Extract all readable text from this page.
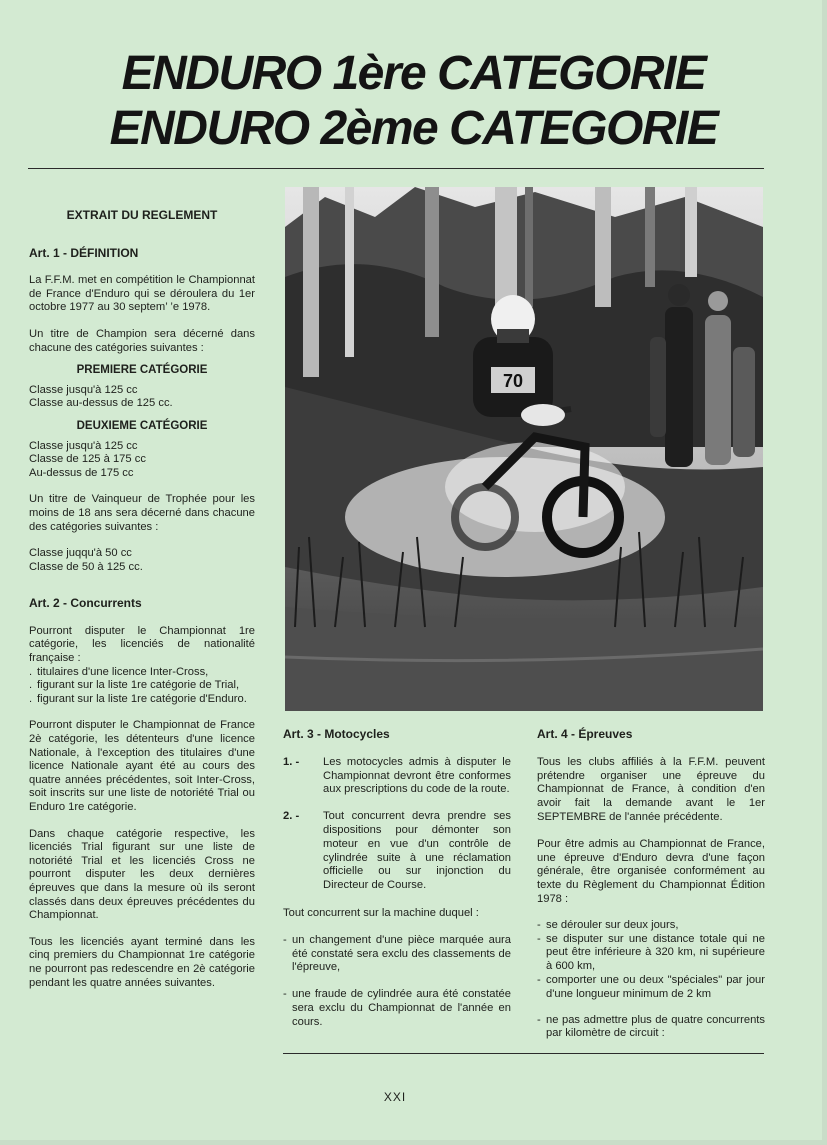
ENDURO 1ère CATEGORIE
ENDURO 2ème CATEGORIE
EXTRAIT DU REGLEMENT
Art. 1 - DÉFINITION

La F.F.M. met en compétition le Championnat de France d'Enduro qui se déroulera du 1er octobre 1977 au 30 septem’ ’e 1978.

Un titre de Champion sera décerné dans chacune des catégories suivantes :

PREMIERE CATÉGORIE
Classe jusqu'à 125 cc
Classe au-dessus de 125 cc.
DEUXIEME CATÉGORIE
Classe jusqu'à 125 cc
Classe de 125 à 175 cc
Au-dessus de 175 cc

Un titre de Vainqueur de Trophée pour les moins de 18 ans sera décerné dans chacune des catégories suivantes :

Classe juqqu'à 50 cc
Classe de 50 à 125 cc.
Art. 2 - Concurrents

Pourront disputer le Championnat 1re catégorie, les licenciés de nationalité française :

. titulaires d'une licence Inter-Cross,
. figurant sur la liste 1re catégorie de Trial,
. figurant sur la liste 1re catégorie d'Enduro.

Pourront disputer le Championnat de France 2è catégorie, les détenteurs d'une licence Nationale, à l'exception des titulaires d'une licence Nationale ayant été au cours des quatre années précédentes, soit Inter-Cross, soit inscrits sur une liste de notoriété Trial ou Enduro 1re catégorie.

Dans chaque catégorie respective, les licenciés Trial figurant sur une liste de notoriété Trial et les licenciés Cross ne pourront disputer les deux dernières épreuves que dans la mesure où ils seront classés dans deux épreuves précédentes du Championnat.

Tous les licenciés ayant terminé dans les cinq premiers du Championnat 1re catégorie ne pourront pas redescendre en 2è catégorie pendant les quatre années suivantes.

70
Art. 3 - Motocycles
1. -	Les motocycles admis à disputer le Championnat devront être conformes aux prescriptions du code de la route.
2. -	Tout concurrent devra prendre ses dispositions pour démonter son moteur en vue d'un contrôle de cylindrée suite à une réclamation officielle ou sur injonction du Directeur de Course.

Tout concurrent sur la machine duquel :

- un changement d'une pièce marquée aura été constaté sera exclu des classements de l'épreuve,
- une fraude de cylindrée aura été constatée sera exclu du Championnat de l'année en cours.
Art. 4 - Épreuves

Tous les clubs affiliés à la F.F.M. peuvent prétendre organiser une épreuve du Championnat de France, à condition d'en avoir fait la demande avant le 1er SEPTEMBRE de l'année précédente.

Pour être admis au Championnat de France, une épreuve d'Enduro devra d'une façon générale, être organisée conformément au texte du Règlement du Championnat Édition 1978 :

- se dérouler sur deux jours,
- se disputer sur une distance totale qui ne peut être inférieure à 320 km, ni supérieure à 600 km,
- comporter une ou deux "spéciales" par jour d'une longueur minimum de 2 km
- ne pas admettre plus de quatre concurrents par kilomètre de circuit :
XXI
